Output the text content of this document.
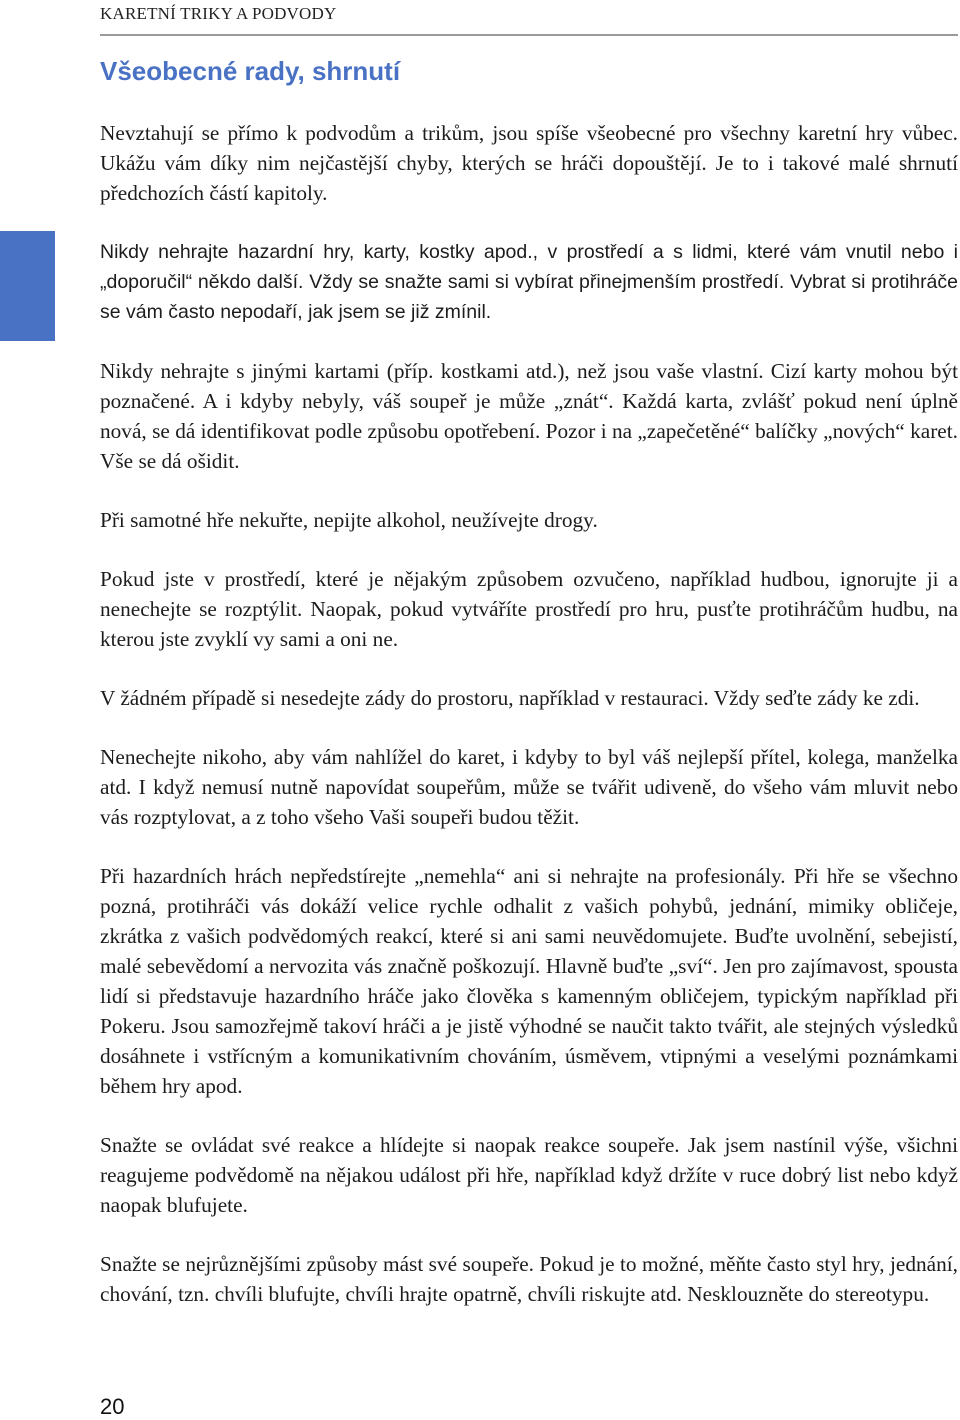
KARETNÍ TRIKY A PODVODY
Všeobecné rady, shrnutí

Nevztahují se přímo k podvodům a trikům, jsou spíše všeobecné pro všechny karetní hry vůbec. Ukážu vám díky nim nejčastější chyby, kterých se hráči dopouštějí. Je to i takové malé shrnutí předchozích částí kapitoly.

Nikdy nehrajte hazardní hry, karty, kostky apod., v prostředí a s lidmi, které vám vnutil nebo i „doporučil“ někdo další. Vždy se snažte sami si vybírat přinejmenším prostředí. Vybrat si protihráče se vám často nepodaří, jak jsem se již zmínil.

Nikdy nehrajte s jinými kartami (příp. kostkami atd.), než jsou vaše vlastní. Cizí karty mohou být poznačené. A i kdyby nebyly, váš soupeř je může „znát“. Každá karta, zvlášť pokud není úplně nová, se dá identifikovat podle způsobu opotřebení. Pozor i na „zapečetěné“ balíčky „nových“ karet. Vše se dá ošidit.

Při samotné hře nekuřte, nepijte alkohol, neužívejte drogy.

Pokud jste v prostředí, které je nějakým způsobem ozvučeno, například hudbou, ignorujte ji a nenechejte se rozptýlit. Naopak, pokud vytváříte prostředí pro hru, pusťte protihráčům hudbu, na kterou jste zvyklí vy sami a oni ne.

V žádném případě si nesedejte zády do prostoru, například v restauraci. Vždy seďte zády ke zdi.

Nenechejte nikoho, aby vám nahlížel do karet, i kdyby to byl váš nejlepší přítel, kolega, manželka atd. I když nemusí nutně napovídat soupeřům, může se tvářit udiveně, do všeho vám mluvit nebo vás rozptylovat, a z toho všeho Vaši soupeři budou těžit.

Při hazardních hrách nepředstírejte „nemehla“ ani si nehrajte na profesionály. Při hře se všechno pozná, protihráči vás dokáží velice rychle odhalit z vašich pohybů, jednání, mimiky obličeje, zkrátka z vašich podvědomých reakcí, které si ani sami neuvědomujete. Buďte uvolnění, sebejistí, malé sebevědomí a nervozita vás značně poškozují. Hlavně buďte „sví“. Jen pro zajímavost, spousta lidí si představuje hazardního hráče jako člověka s kamenným obličejem, typickým například při Pokeru. Jsou samozřejmě takoví hráči a je jistě výhodné se naučit takto tvářit, ale stejných výsledků dosáhnete i vstřícným a komunikativním chováním, úsměvem, vtipnými a veselými poznámkami během hry apod.

Snažte se ovládat své reakce a hlídejte si naopak reakce soupeře. Jak jsem nastínil výše, všichni reagujeme podvědomě na nějakou událost při hře, například když držíte v ruce dobrý list nebo když naopak blufujete.

Snažte se nejrůznějšími způsoby mást své soupeře. Pokud je to možné, měňte často styl hry, jednání, chování, tzn. chvíli blufujte, chvíli hrajte opatrně, chvíli riskujte atd. Nesklouzněte do stereotypu.

20
